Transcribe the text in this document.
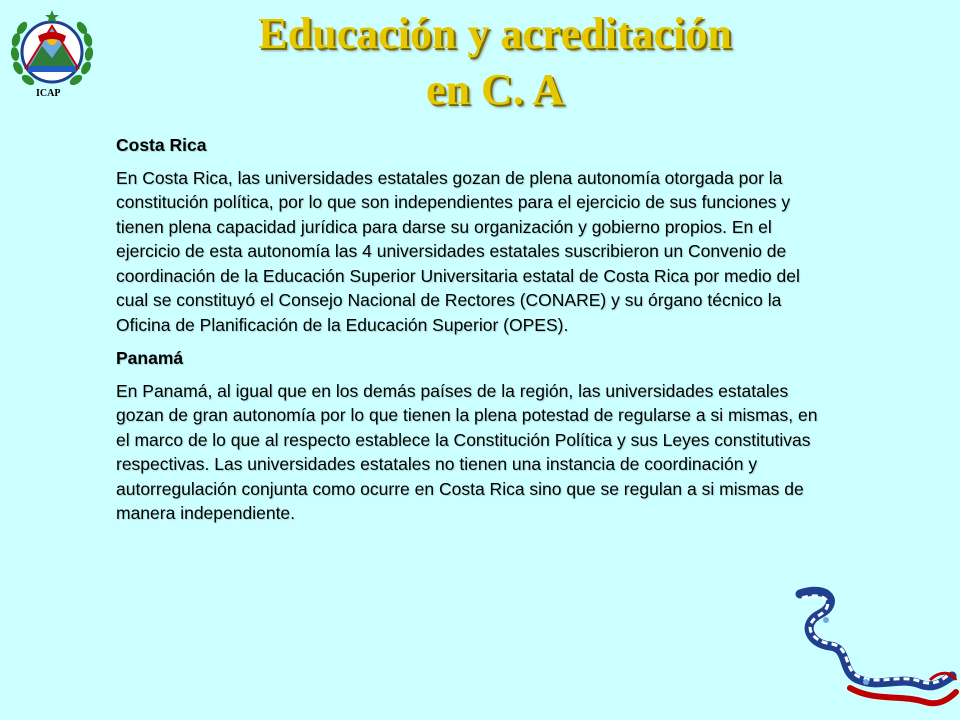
ICAP
Educación y acreditación
en C. A
Costa Rica

En Costa Rica, las universidades estatales gozan de plena autonomía otorgada por la constitución política, por lo que son independientes para el ejercicio de sus funciones y tienen plena capacidad jurídica para darse su organización y gobierno propios. En el ejercicio de esta autonomía las 4 universidades estatales suscribieron un Convenio de coordinación de la Educación Superior Universitaria estatal de Costa Rica por medio del cual se constituyó el Consejo Nacional de Rectores (CONARE) y su órgano técnico la Oficina de Planificación de la Educación Superior (OPES).

Panamá

En Panamá, al igual que en los demás países de la región, las universidades estatales gozan de gran autonomía por lo que tienen la plena potestad de regularse a si mismas, en el marco de lo que al respecto establece la Constitución Política y sus Leyes constitutivas respectivas. Las universidades estatales no tienen una instancia de coordinación y autorregulación conjunta como ocurre en Costa Rica sino que se regulan a si mismas de manera independiente.
